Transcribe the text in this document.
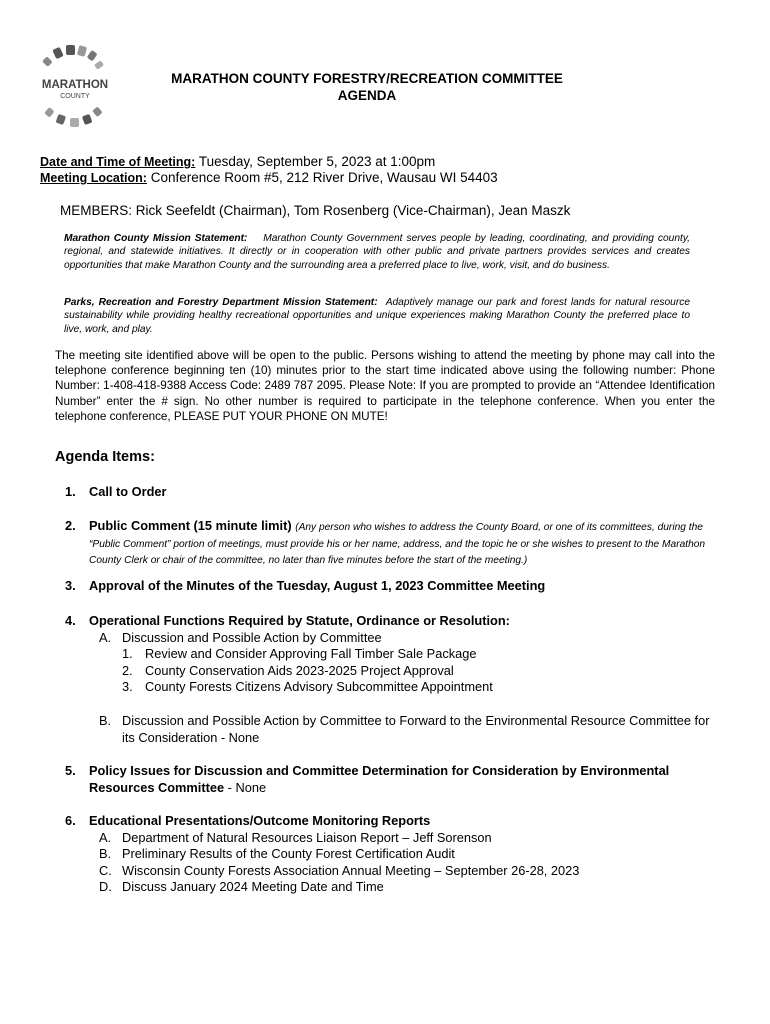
MARATHON
COUNTY
MARATHON COUNTY FORESTRY/RECREATION COMMITTEE
AGENDA
Date and Time of Meeting: Tuesday, September 5, 2023 at 1:00pm
Meeting Location: Conference Room #5, 212 River Drive, Wausau WI 54403
MEMBERS: Rick Seefeldt (Chairman), Tom Rosenberg (Vice-Chairman), Jean Maszk
Marathon County Mission Statement: Marathon County Government serves people by leading, coordinating, and providing county, regional, and statewide initiatives. It directly or in cooperation with other public and private partners provides services and creates opportunities that make Marathon County and the surrounding area a preferred place to live, work, visit, and do business.
Parks, Recreation and Forestry Department Mission Statement: Adaptively manage our park and forest lands for natural resource sustainability while providing healthy recreational opportunities and unique experiences making Marathon County the preferred place to live, work, and play.
The meeting site identified above will be open to the public. Persons wishing to attend the meeting by phone may call into the telephone conference beginning ten (10) minutes prior to the start time indicated above using the following number: Phone Number: 1-408-418-9388 Access Code: 2489 787 2095. Please Note: If you are prompted to provide an “Attendee Identification Number” enter the # sign. No other number is required to participate in the telephone conference. When you enter the telephone conference, PLEASE PUT YOUR PHONE ON MUTE!
Agenda Items:
1. Call to Order
2. Public Comment (15 minute limit) (Any person who wishes to address the County Board, or one of its committees, during the “Public Comment” portion of meetings, must provide his or her name, address, and the topic he or she wishes to present to the Marathon County Clerk or chair of the committee, no later than five minutes before the start of the meeting.)
3. Approval of the Minutes of the Tuesday, August 1, 2023 Committee Meeting
4. Operational Functions Required by Statute, Ordinance or Resolution:
A. Discussion and Possible Action by Committee
1. Review and Consider Approving Fall Timber Sale Package
2. County Conservation Aids 2023-2025 Project Approval
3. County Forests Citizens Advisory Subcommittee Appointment
B. Discussion and Possible Action by Committee to Forward to the Environmental Resource Committee for its Consideration - None
5. Policy Issues for Discussion and Committee Determination for Consideration by Environmental Resources Committee - None
6. Educational Presentations/Outcome Monitoring Reports
A. Department of Natural Resources Liaison Report – Jeff Sorenson
B. Preliminary Results of the County Forest Certification Audit
C. Wisconsin County Forests Association Annual Meeting – September 26-28, 2023
D. Discuss January 2024 Meeting Date and Time
